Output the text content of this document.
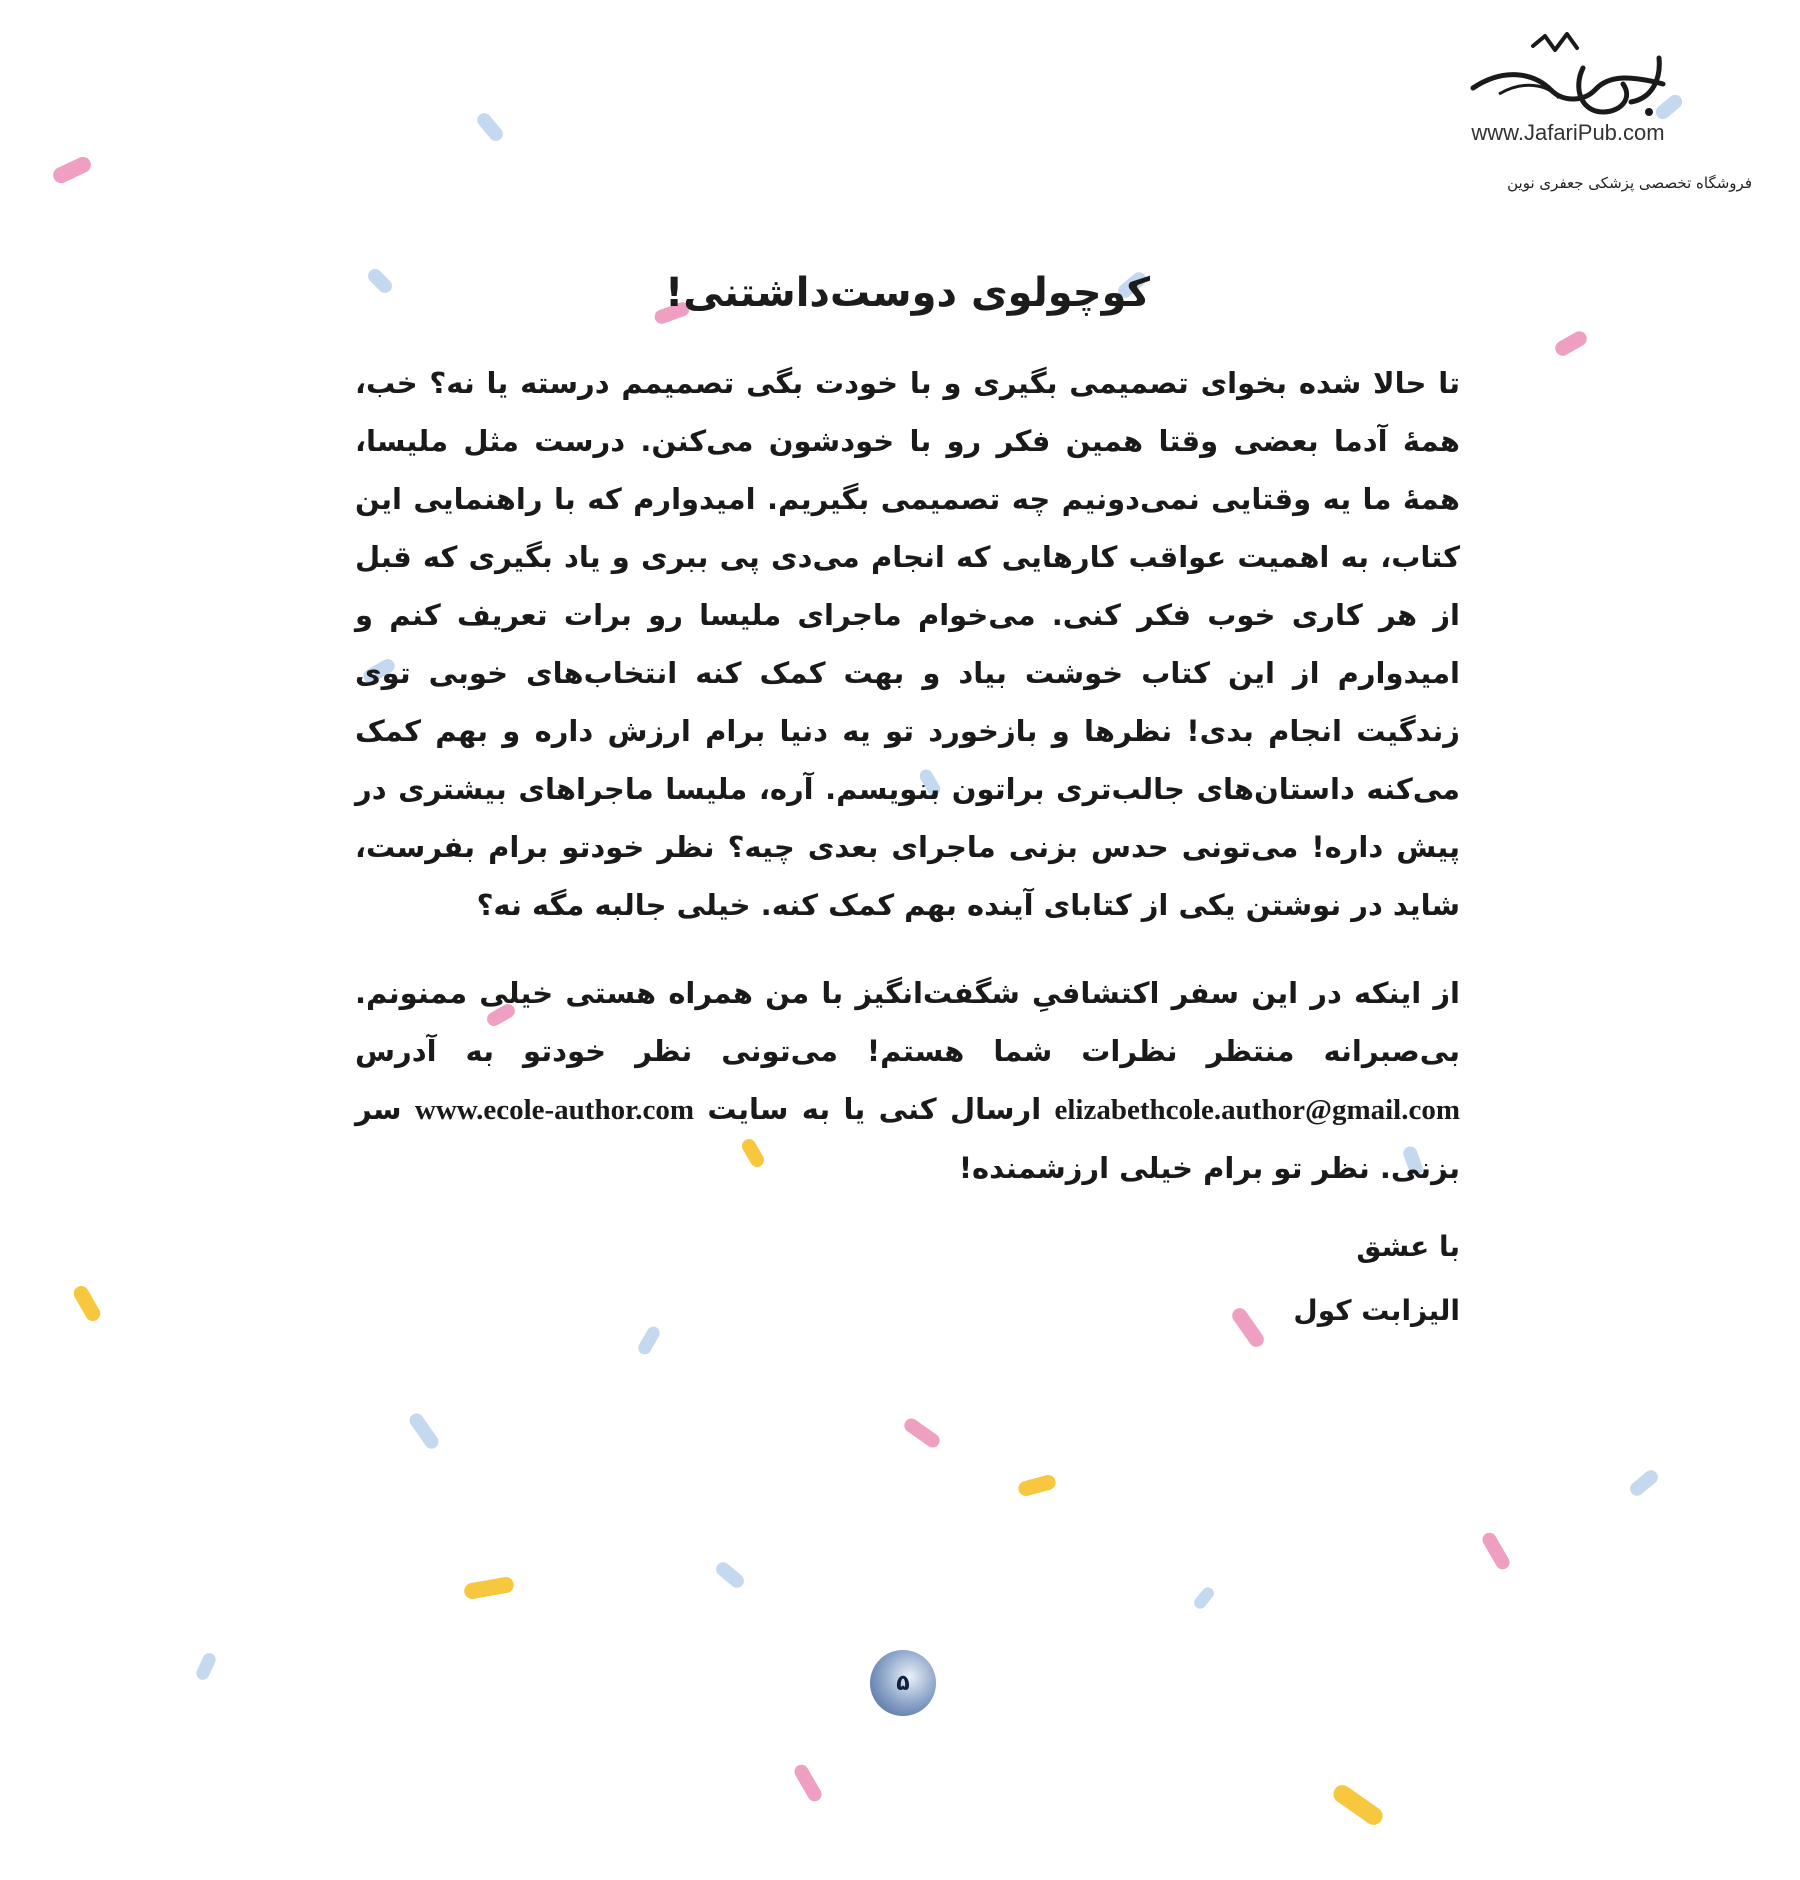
www.JafariPub.com
فروشگاه تخصصی پزشکی جعفری نوین
کوچولوی دوست‌داشتنی!

تا حالا شده بخوای تصمیمی بگیری و با خودت بگی تصمیمم درسته یا نه؟ خب، همهٔ آدما بعضی وقتا همین فکر رو با خودشون می‌کنن. درست مثل ملیسا، همهٔ ما یه وقتایی نمی‌دونیم چه تصمیمی بگیریم. امیدوارم که با راهنمایی این کتاب، به اهمیت عواقب کارهایی که انجام می‌دی پی ببری و یاد بگیری که قبل از هر کاری خوب فکر کنی. می‌خوام ماجرای ملیسا رو برات تعریف کنم و امیدوارم از این کتاب خوشت بیاد و بهت کمک کنه انتخاب‌های خوبی توی زندگیت انجام بدی! نظرها و بازخورد تو یه دنیا برام ارزش داره و بهم کمک می‌کنه داستان‌های جالب‌تری براتون بنویسم. آره، ملیسا ماجراهای بیشتری در پیش داره! می‌تونی حدس بزنی ماجرای بعدی چیه؟ نظر خودتو برام بفرست، شاید در نوشتن یکی از کتابای آینده بهم کمک کنه. خیلی جالبه مگه نه؟

از اینکه در این سفر اکتشافیِ شگفت‌انگیز با من همراه هستی خیلی ممنونم. بی‌صبرانه منتظر نظرات شما هستم! می‌تونی نظر خودتو به آدرس elizabethcole.author@gmail.com ارسال کنی یا به سایت www.ecole-author.com سر بزنی. نظر تو برام خیلی ارزشمنده!

با عشق

الیزابت کول

۵
